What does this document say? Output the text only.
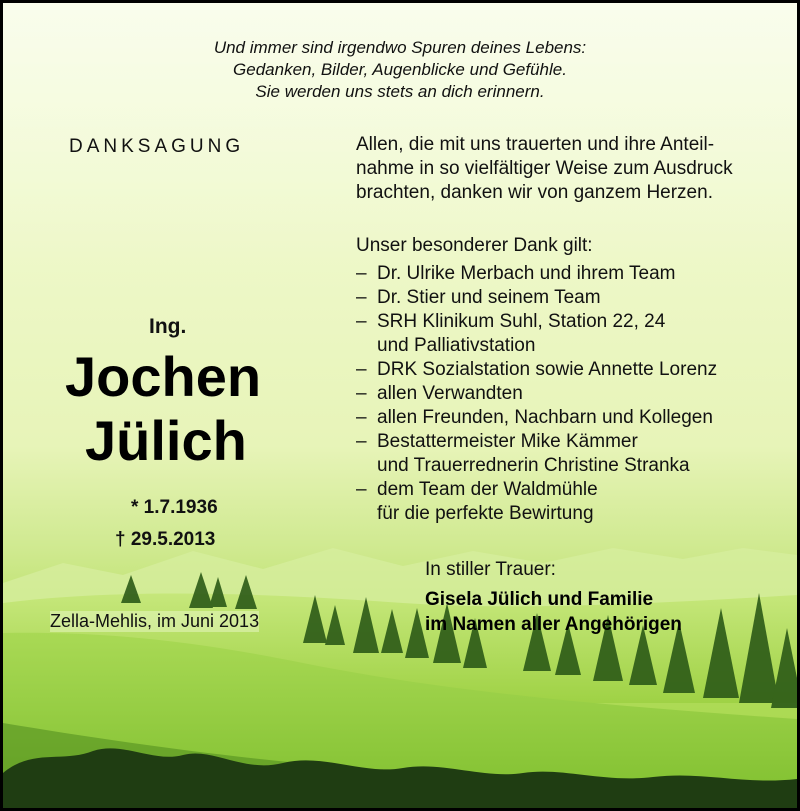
Und immer sind irgendwo Spuren deines Lebens:
Gedanken, Bilder, Augenblicke und Gefühle.
Sie werden uns stets an dich erinnern.
DANKSAGUNG
Ing.
Jochen
Jülich
* 1.7.1936
† 29.5.2013
Zella-Mehlis, im Juni 2013
Allen, die mit uns trauerten und ihre Anteil-
nahme in so vielfältiger Weise zum Ausdruck
brachten, danken wir von ganzem Herzen.
Unser besonderer Dank gilt:
– Dr. Ulrike Merbach und ihrem Team
– Dr. Stier und seinem Team
– SRH Klinikum Suhl, Station 22, 24
und Palliativstation
– DRK Sozialstation sowie Annette Lorenz
– allen Verwandten
– allen Freunden, Nachbarn und Kollegen
– Bestattermeister Mike Kämmer
und Trauerrednerin Christine Stranka
– dem Team der Waldmühle
für die perfekte Bewirtung
In stiller Trauer:
Gisela Jülich und Familie
im Namen aller Angehörigen
